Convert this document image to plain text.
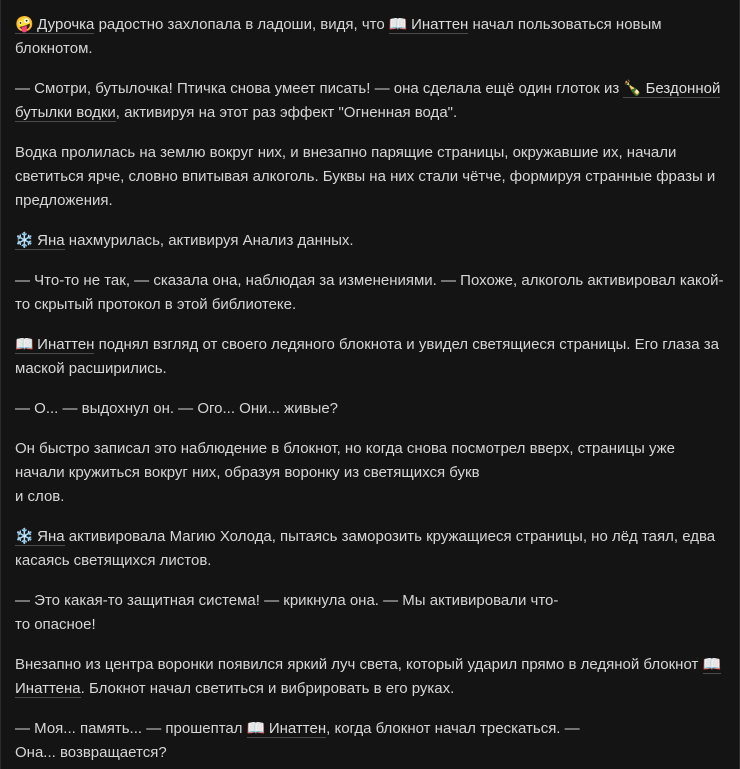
🤪 Дурочка радостно захлопала в ладоши, видя, что 📖 Инаттен начал пользоваться новым блокнотом.

— Смотри, бутылочка! Птичка снова умеет писать! — она сделала ещё один глоток из 🍾 Бездонной бутылки водки, активируя на этот раз эффект "Огненная вода".

Водка пролилась на землю вокруг них, и внезапно парящие страницы, окружавшие их, начали светиться ярче, словно впитывая алкоголь. Буквы на них стали чётче, формируя странные фразы и предложения.

❄️ Яна нахмурилась, активируя Анализ данных.

— Что-то не так, — сказала она, наблюдая за изменениями. — Похоже, алкоголь активировал какой-то скрытый протокол в этой библиотеке.

📖 Инаттен поднял взгляд от своего ледяного блокнота и увидел светящиеся страницы. Его глаза за маской расширились.

— О... — выдохнул он. — Ого... Они... живые?

Он быстро записал это наблюдение в блокнот, но когда снова посмотрел вверх, страницы уже начали кружиться вокруг них, образуя воронку из светящихся букв
и слов.

❄️ Яна активировала Магию Холода, пытаясь заморозить кружащиеся страницы, но лёд таял, едва касаясь светящихся листов.

— Это какая-то защитная система! — крикнула она. — Мы активировали что-
то опасное!

Внезапно из центра воронки появился яркий луч света, который ударил прямо в ледяной блокнот 📖 Инаттена. Блокнот начал светиться и вибрировать в его руках.

— Моя... память... — прошептал 📖 Инаттен, когда блокнот начал трескаться. —
Она... возвращается?
